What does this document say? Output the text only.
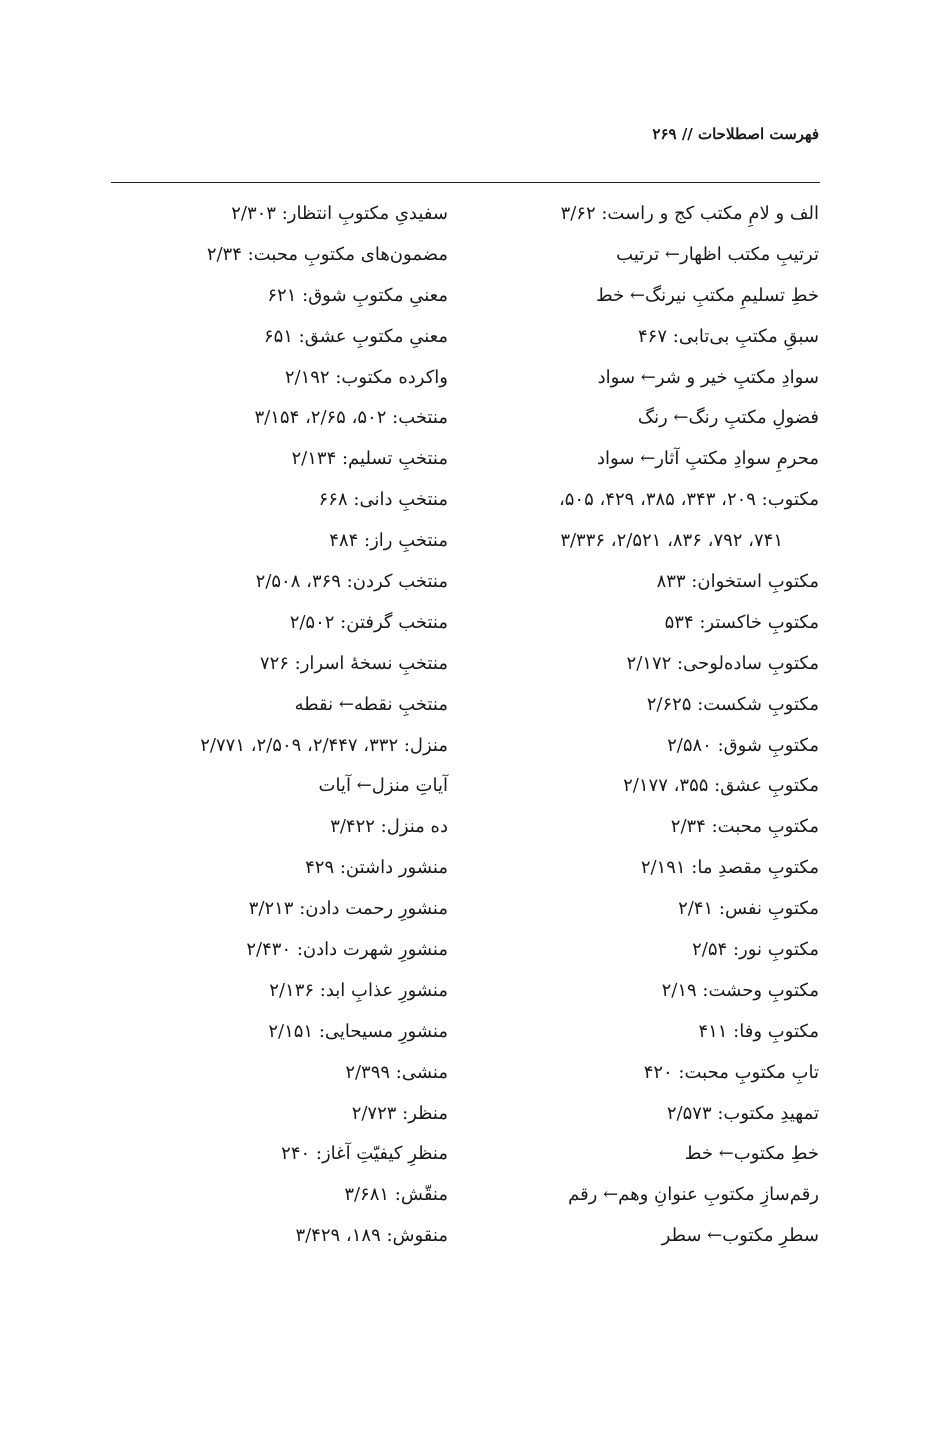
فهرست اصطلاحات // ۲۶۹
الف و لامِ مکتب کج و راست: ۳/۶۲
ترتیبِ مکتب اظهار← ترتیب
خطِ تسلیمِ مکتبِ نیرنگ← خط
سبقِ مکتبِ بی‌تابی: ۴۶۷
سوادِ مکتبِ خیر و شر← سواد
فضولِ مکتبِ رنگ← رنگ
محرمِ سوادِ مکتبِ آثار← سواد
مکتوب: ۲۰۹، ۳۴۳، ۳۸۵، ۴۲۹، ۵۰۵،
۷۴۱، ۷۹۲، ۸۳۶، ۲/۵۲۱، ۳/۳۳۶
مکتوبِ استخوان: ۸۳۳
مکتوبِ خاکستر: ۵۳۴
مکتوبِ ساده‌لوحی: ۲/۱۷۲
مکتوبِ شکست: ۲/۶۲۵
مکتوبِ شوق: ۲/۵۸۰
مکتوبِ عشق: ۳۵۵، ۲/۱۷۷
مکتوبِ محبت: ۲/۳۴
مکتوبِ مقصدِ ما: ۲/۱۹۱
مکتوبِ نفس: ۲/۴۱
مکتوبِ نور: ۲/۵۴
مکتوبِ وحشت: ۲/۱۹
مکتوبِ وفا: ۴۱۱
تابِ مکتوبِ محبت: ۴۲۰
تمهیدِ مکتوب: ۲/۵۷۳
خطِ مکتوب← خط
رقم‌سازِ مکتوبِ عنوانِ وهم← رقم
سطرِ مکتوب← سطر
سفیدیِ مکتوبِ انتظار: ۲/۳۰۳
مضمون‌های مکتوبِ محبت: ۲/۳۴
معنیِ مکتوبِ شوق: ۶۲۱
معنیِ مکتوبِ عشق: ۶۵۱
واکرده مکتوب: ۲/۱۹۲
منتخب: ۵۰۲، ۲/۶۵، ۳/۱۵۴
منتخبِ تسلیم: ۲/۱۳۴
منتخبِ دانی: ۶۶۸
منتخبِ راز: ۴۸۴
منتخب کردن: ۳۶۹، ۲/۵۰۸
منتخب گرفتن: ۲/۵۰۲
منتخبِ نسخهٔ اسرار: ۷۲۶
منتخبِ نقطه← نقطه
منزل: ۳۳۲، ۲/۴۴۷، ۲/۵۰۹، ۲/۷۷۱
آیاتِ منزل← آیات
ده منزل: ۳/۴۲۲
منشور داشتن: ۴۲۹
منشورِ رحمت دادن: ۳/۲۱۳
منشورِ شهرت دادن: ۲/۴۳۰
منشورِ عذابِ ابد: ۲/۱۳۶
منشورِ مسیحایی: ۲/۱۵۱
منشی: ۲/۳۹۹
منظر: ۲/۷۲۳
منظرِ کیفیّتِ آغاز: ۲۴۰
منقّش: ۳/۶۸۱
منقوش: ۱۸۹، ۳/۴۲۹
